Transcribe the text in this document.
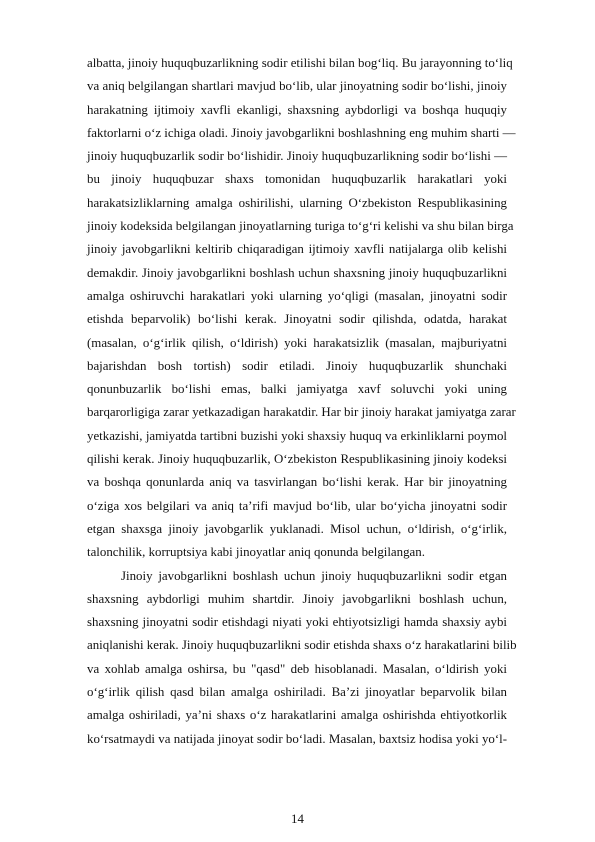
albatta, jinoiy huquqbuzarlikning sodir etilishi bilan bog‘liq. Bu jarayonning to‘liq
va aniq belgilangan shartlari mavjud bo‘lib, ular jinoyatning sodir bo‘lishi, jinoiy
harakatning ijtimoiy xavfli ekanligi, shaxsning aybdorligi va boshqa huquqiy
faktorlarni o‘z ichiga oladi. Jinoiy javobgarlikni boshlashning eng muhim sharti —
jinoiy huquqbuzarlik sodir bo‘lishidir. Jinoiy huquqbuzarlikning sodir bo‘lishi —
bu jinoiy huquqbuzar shaxs tomonidan huquqbuzarlik harakatlari yoki
harakatsizliklarning amalga oshirilishi, ularning O‘zbekiston Respublikasining
jinoiy kodeksida belgilangan jinoyatlarning turiga to‘g‘ri kelishi va shu bilan birga
jinoiy javobgarlikni keltirib chiqaradigan ijtimoiy xavfli natijalarga olib kelishi
demakdir. Jinoiy javobgarlikni boshlash uchun shaxsning jinoiy huquqbuzarlikni
amalga oshiruvchi harakatlari yoki ularning yo‘qligi (masalan, jinoyatni sodir
etishda beparvolik) bo‘lishi kerak. Jinoyatni sodir qilishda, odatda, harakat
(masalan, o‘g‘irlik qilish, o‘ldirish) yoki harakatsizlik (masalan, majburiyatni
bajarishdan bosh tortish) sodir etiladi. Jinoiy huquqbuzarlik shunchaki
qonunbuzarlik bo‘lishi emas, balki jamiyatga xavf soluvchi yoki uning
barqarorligiga zarar yetkazadigan harakatdir. Har bir jinoiy harakat jamiyatga zarar
yetkazishi, jamiyatda tartibni buzishi yoki shaxsiy huquq va erkinliklarni poymol
qilishi kerak. Jinoiy huquqbuzarlik, O‘zbekiston Respublikasining jinoiy kodeksi
va boshqa qonunlarda aniq va tasvirlangan bo‘lishi kerak. Har bir jinoyatning
o‘ziga xos belgilari va aniq ta’rifi mavjud bo‘lib, ular bo‘yicha jinoyatni sodir
etgan shaxsga jinoiy javobgarlik yuklanadi. Misol uchun, o‘ldirish, o‘g‘irlik,
talonchilik, korruptsiya kabi jinoyatlar aniq qonunda belgilangan.
Jinoiy javobgarlikni boshlash uchun jinoiy huquqbuzarlikni sodir etgan
shaxsning aybdorligi muhim shartdir. Jinoiy javobgarlikni boshlash uchun,
shaxsning jinoyatni sodir etishdagi niyati yoki ehtiyotsizligi hamda shaxsiy aybi
aniqlanishi kerak. Jinoiy huquqbuzarlikni sodir etishda shaxs o‘z harakatlarini bilib
va xohlab amalga oshirsa, bu "qasd" deb hisoblanadi. Masalan, o‘ldirish yoki
o‘g‘irlik qilish qasd bilan amalga oshiriladi. Ba’zi jinoyatlar beparvolik bilan
amalga oshiriladi, ya’ni shaxs o‘z harakatlarini amalga oshirishda ehtiyotkorlik
ko‘rsatmaydi va natijada jinoyat sodir bo‘ladi. Masalan, baxtsiz hodisa yoki yo‘l-
14
